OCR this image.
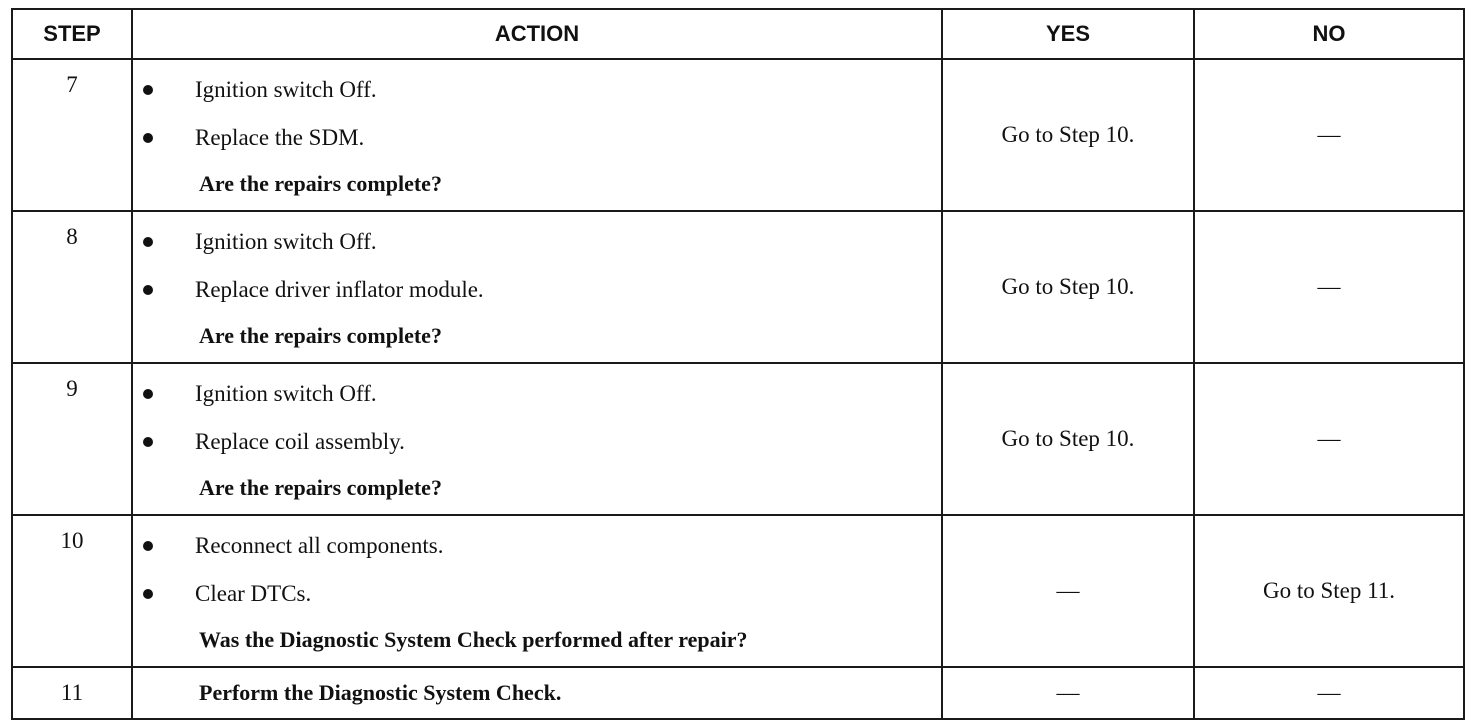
STEP	ACTION	YES	NO
7	Ignition switch Off.
Replace the SDM.
Are the repairs complete?	Go to Step 10.	—
8	Ignition switch Off.
Replace driver inflator module.
Are the repairs complete?	Go to Step 10.	—
9	Ignition switch Off.
Replace coil assembly.
Are the repairs complete?	Go to Step 10.	—
10	Reconnect all components.
Clear DTCs.
Was the Diagnostic System Check performed after repair?	—	Go to Step 11.
11	Perform the Diagnostic System Check.	—	—
